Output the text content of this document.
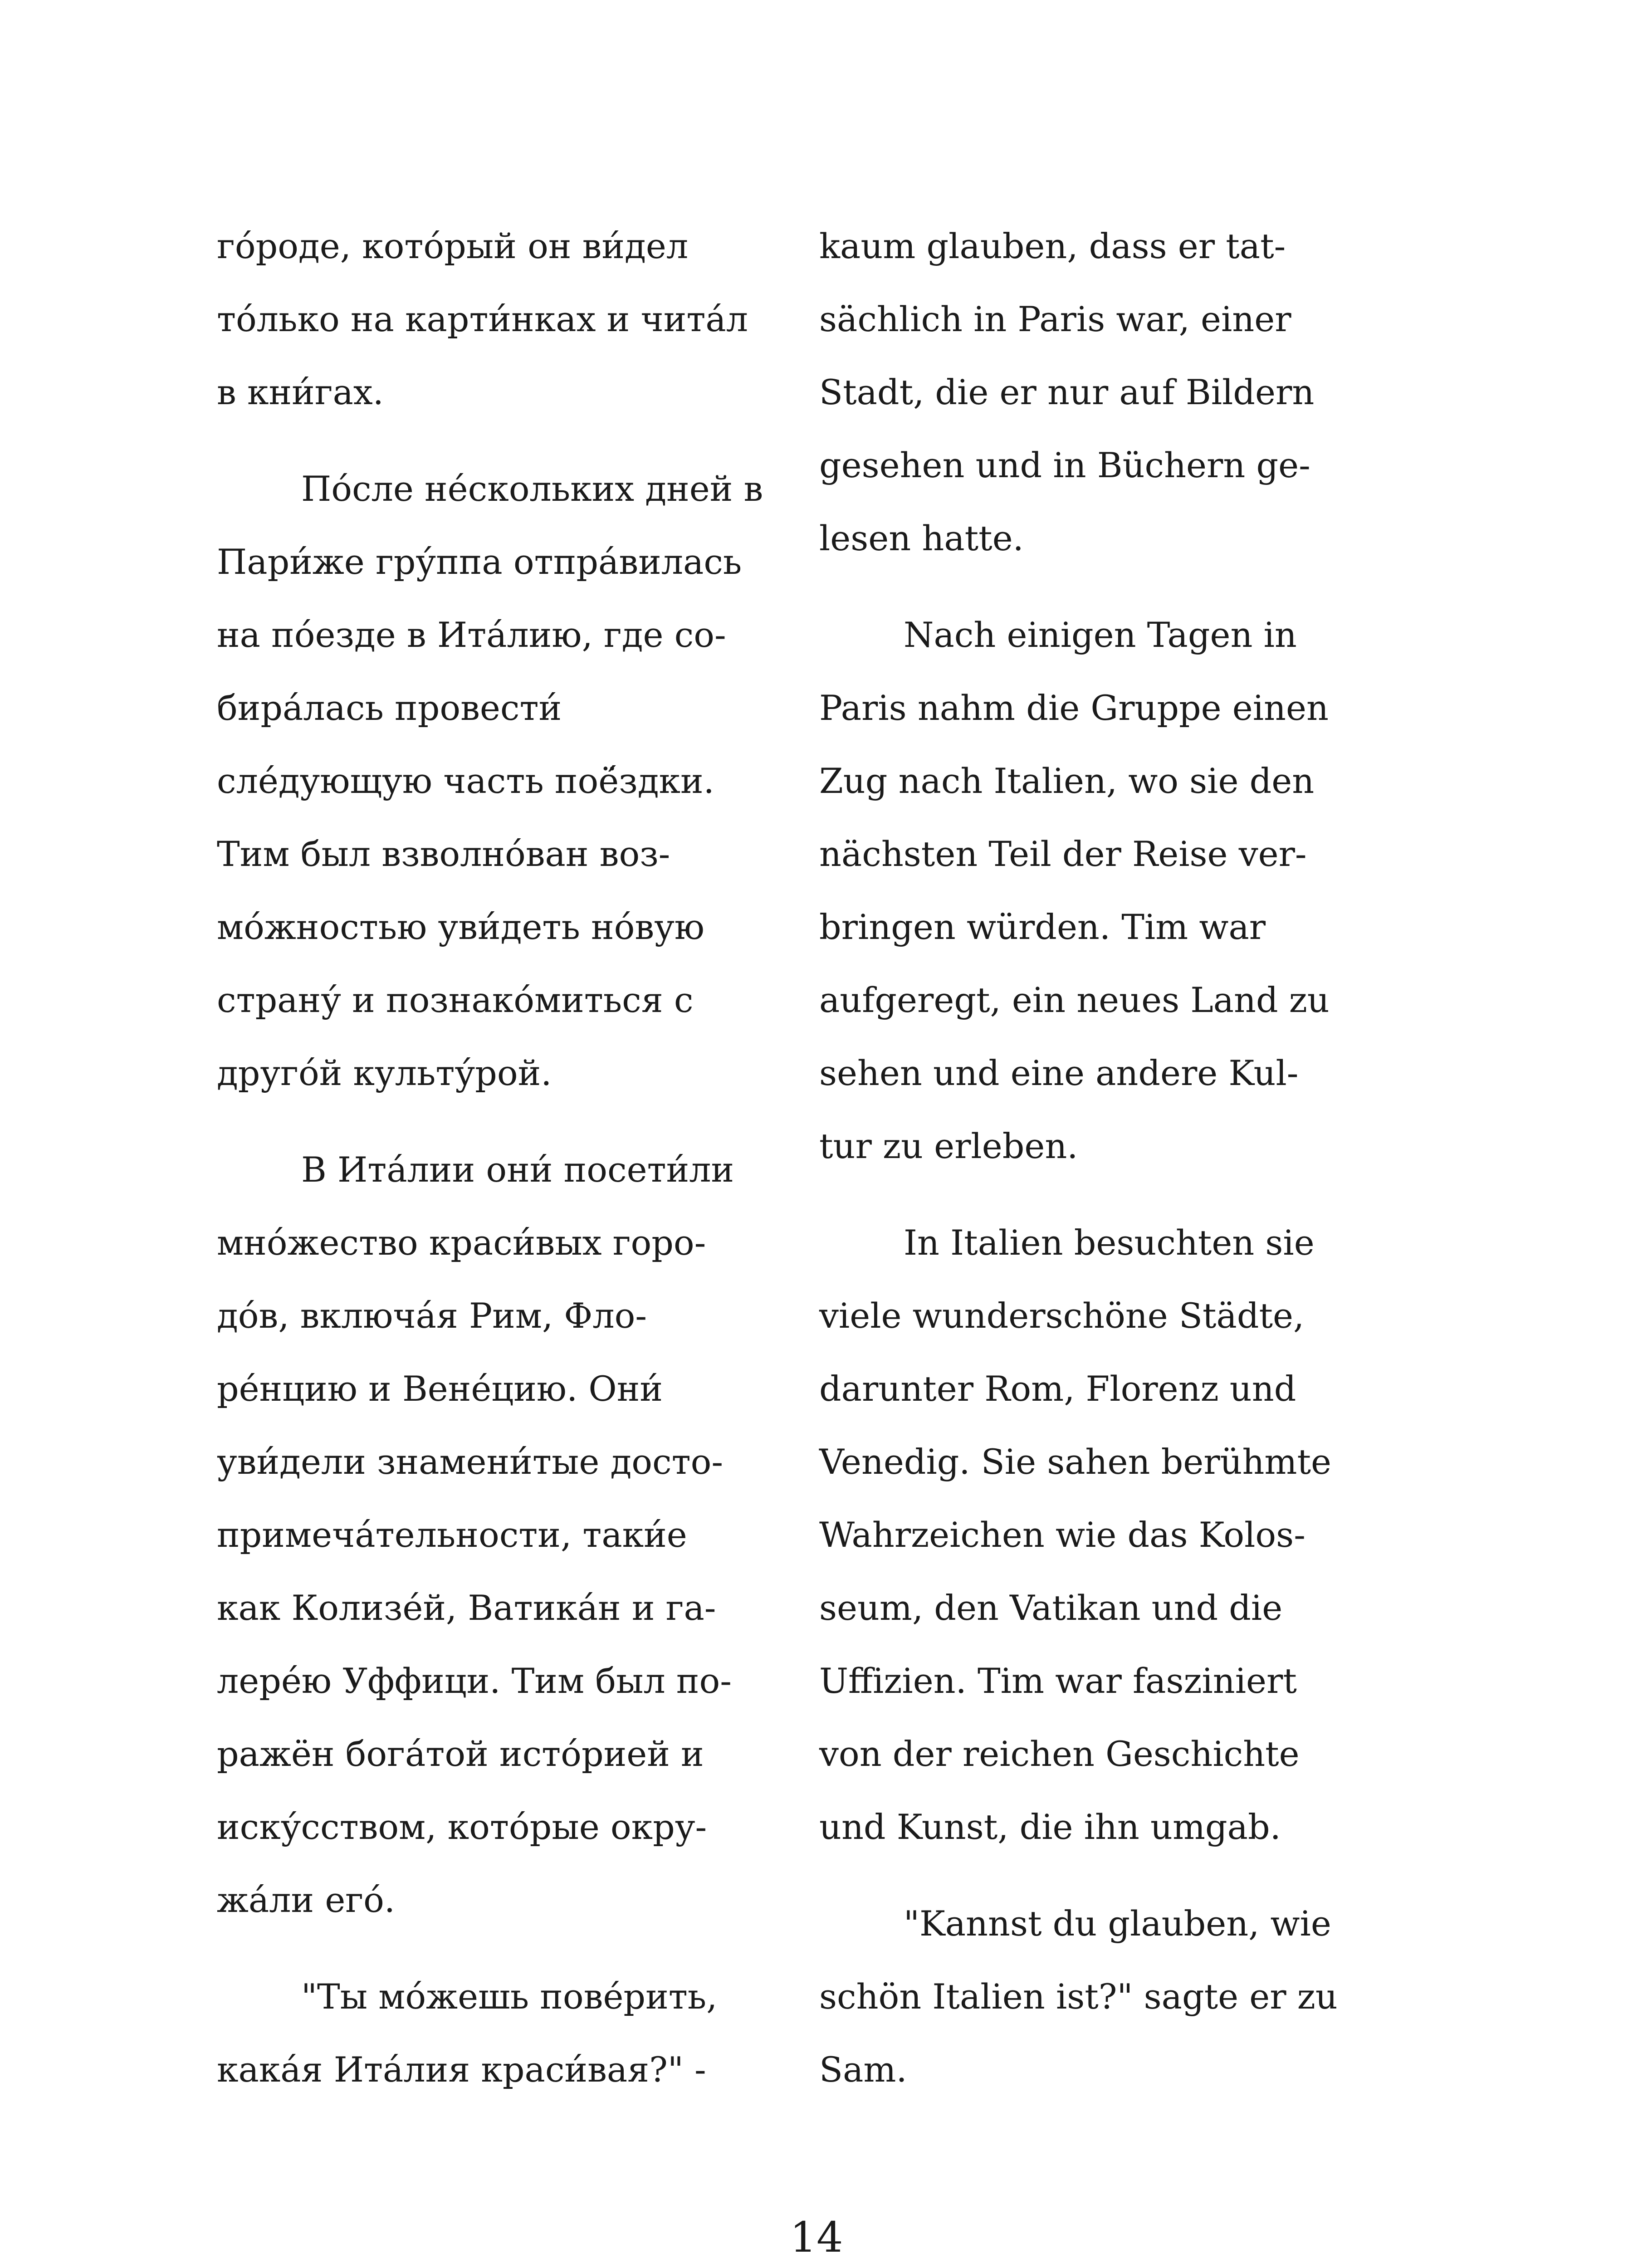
го́роде, кото́рый он ви́дел
то́лько на карти́нках и чита́л
в кни́гах.

По́сле не́скольких дней в
Пари́же гру́ппа отпра́вилась
на по́езде в Ита́лию, где со-
бира́лась провести́
сле́дующую часть поё́здки.
Тим был взволно́ван воз-
мо́жностью уви́деть но́вую
страну́ и познако́миться с
друго́й культу́рой.

В Ита́лии они́ посети́ли
мно́жество краси́вых горо-
до́в, включа́я Рим, Фло-
ре́нцию и Вене́цию. Они́
уви́дели знамени́тые досто-
примеча́тельности, таки́е
как Колизе́й, Ватика́н и га-
лере́ю Уффици. Тим был по-
ражён бога́той исто́рией и
иску́сством, кото́рые окру-
жа́ли его́.

"Ты мо́жешь пове́рить,
кака́я Ита́лия краси́вая?" -

kaum glauben, dass er tat-
sächlich in Paris war, einer
Stadt, die er nur auf Bildern
gesehen und in Büchern ge-
lesen hatte.

Nach einigen Tagen in
Paris nahm die Gruppe einen
Zug nach Italien, wo sie den
nächsten Teil der Reise ver-
bringen würden. Tim war
aufgeregt, ein neues Land zu
sehen und eine andere Kul-
tur zu erleben.

In Italien besuchten sie
viele wunderschöne Städte,
darunter Rom, Florenz und
Venedig. Sie sahen berühmte
Wahrzeichen wie das Kolos-
seum, den Vatikan und die
Uffizien. Tim war fasziniert
von der reichen Geschichte
und Kunst, die ihn umgab.

"Kannst du glauben, wie
schön Italien ist?" sagte er zu
Sam.

14
